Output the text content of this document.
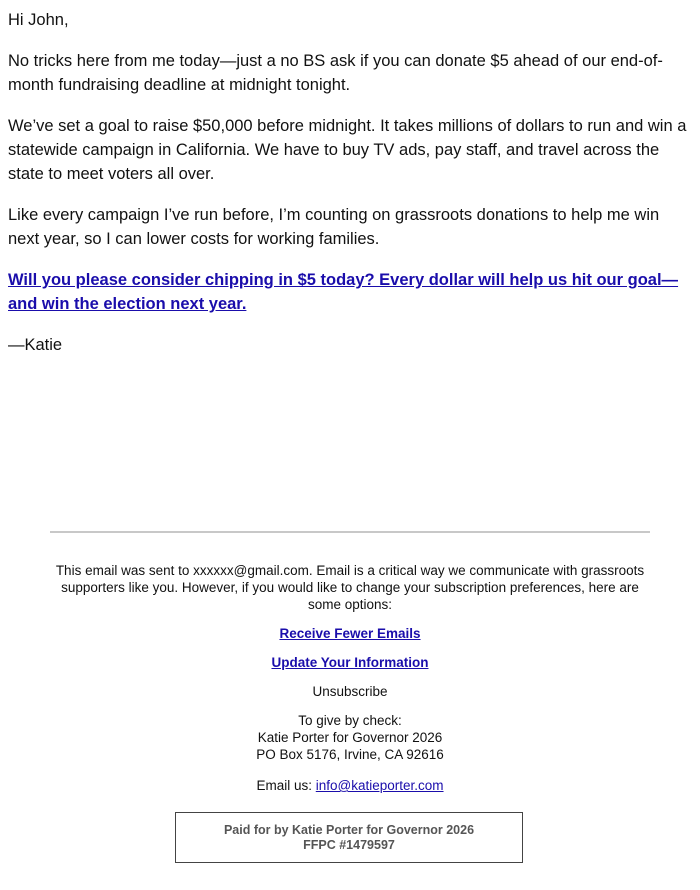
Hi John,

No tricks here from me today—just a no BS ask if you can donate $5 ahead of our end-of-month fundraising deadline at midnight tonight.

We’ve set a goal to raise $50,000 before midnight. It takes millions of dollars to run and win a statewide campaign in California. We have to buy TV ads, pay staff, and travel across the state to meet voters all over.

Like every campaign I’ve run before, I’m counting on grassroots donations to help me win next year, so I can lower costs for working families.

Will you please consider chipping in $5 today? Every dollar will help us hit our goal—and win the election next year.

—Katie

This email was sent to xxxxxx@gmail.com. Email is a critical way we communicate with grassroots supporters like you. However, if you would like to change your subscription preferences, here are some options:

Receive Fewer Emails

Update Your Information

Unsubscribe

To give by check:

Katie Porter for Governor 2026

PO Box 5176, Irvine, CA 92616

Email us: info@katieporter.com

Paid for by Katie Porter for Governor 2026
FFPC #1479597
